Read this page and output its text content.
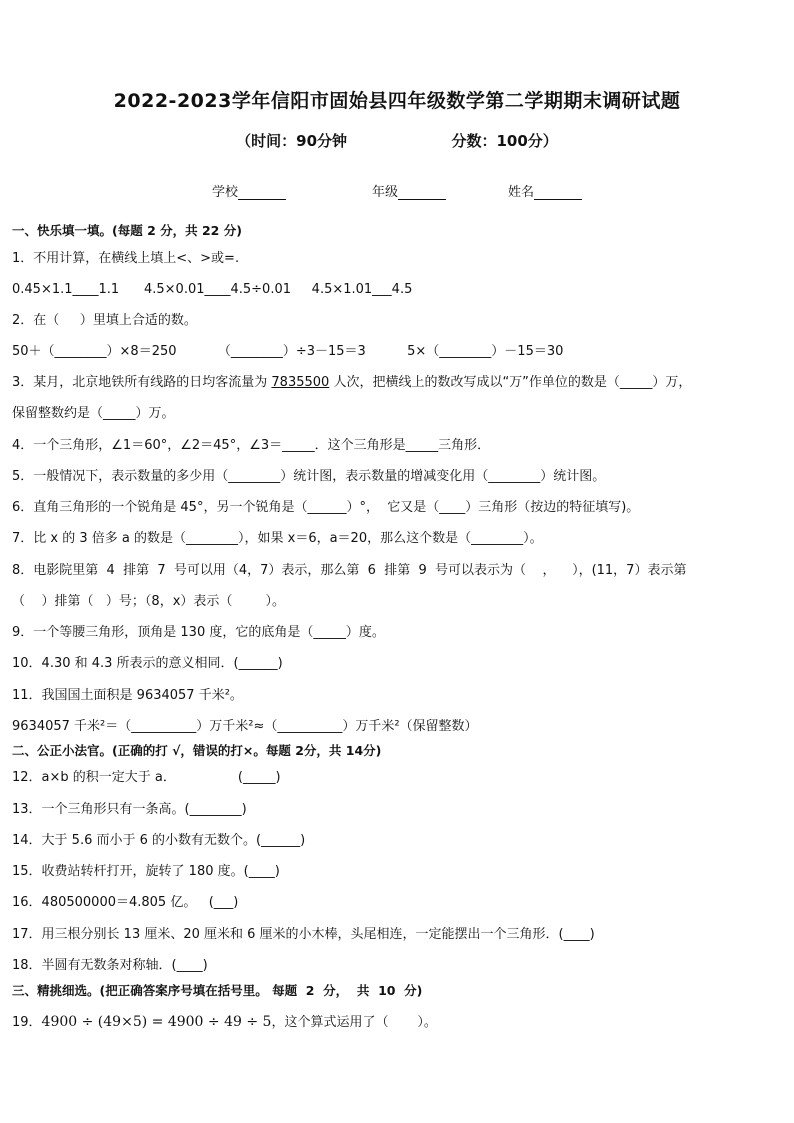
2022-2023学年信阳市固始县四年级数学第二学期期末调研试题
（时间：90分钟                    分数：100分）
学校	年级	姓名
一、快乐填一填。(每题 2 分，共 22 分)
1．不用计算，在横线上填上<、>或=.
0.45×1.1____1.1      4.5×0.01____4.5÷0.01     4.5×1.01___4.5
2．在（     ）里填上合适的数。
50＋（________）×8＝250          （________）÷3－15＝3          5×（________）－15＝30
3．某月，北京地铁所有线路的日均客流量为 7835500 人次，把横线上的数改写成以“万”作单位的数是（_____）万，
保留整数约是（_____）万。
4．一个三角形，∠1＝60°，∠2＝45°，∠3＝_____．这个三角形是_____三角形．
5．一般情况下，表示数量的多少用（________）统计图，表示数量的增减变化用（________）统计图。
6．直角三角形的一个锐角是 45°，另一个锐角是（______）°，  它又是（____）三角形（按边的特征填写)。
7．比 x 的 3 倍多 a 的数是（________），如果 x＝6，a＝20，那么这个数是（________）。
8．电影院里第  4  排第  7  号可以用（4，7）表示，那么第  6  排第  9  号可以表示为（    ，    ），(11，7）表示第
（    ）排第（   ）号；（8，x）表示（        ）。
9．一个等腰三角形，顶角是 130 度，它的底角是（_____）度。
10．4.30 和 4.3 所表示的意义相同．(______)
11．我国国土面积是 9634057 千米²。
9634057 千米²＝（__________）万千米²≈（__________）万千米²（保留整数）
二、公正小法官。(正确的打 √，错误的打×。每题 2分，共 14分)
12．a×b 的积一定大于 a．               (_____)
13．一个三角形只有一条高。(________)
14．大于 5.6 而小于 6 的小数有无数个。(______)
15．收费站转杆打开，旋转了 180 度。(____)
16．480500000＝4.805 亿。   (___)
17．用三根分别长 13 厘米、20 厘米和 6 厘米的小木棒，头尾相连，一定能摆出一个三角形．(____)
18．半圆有无数条对称轴．(____)
三、精挑细选。(把正确答案序号填在括号里。 每题  2  分，  共  10  分)
19．4900 ÷ (49×5) = 4900 ÷ 49 ÷ 5，这个算式运用了（       ）。
